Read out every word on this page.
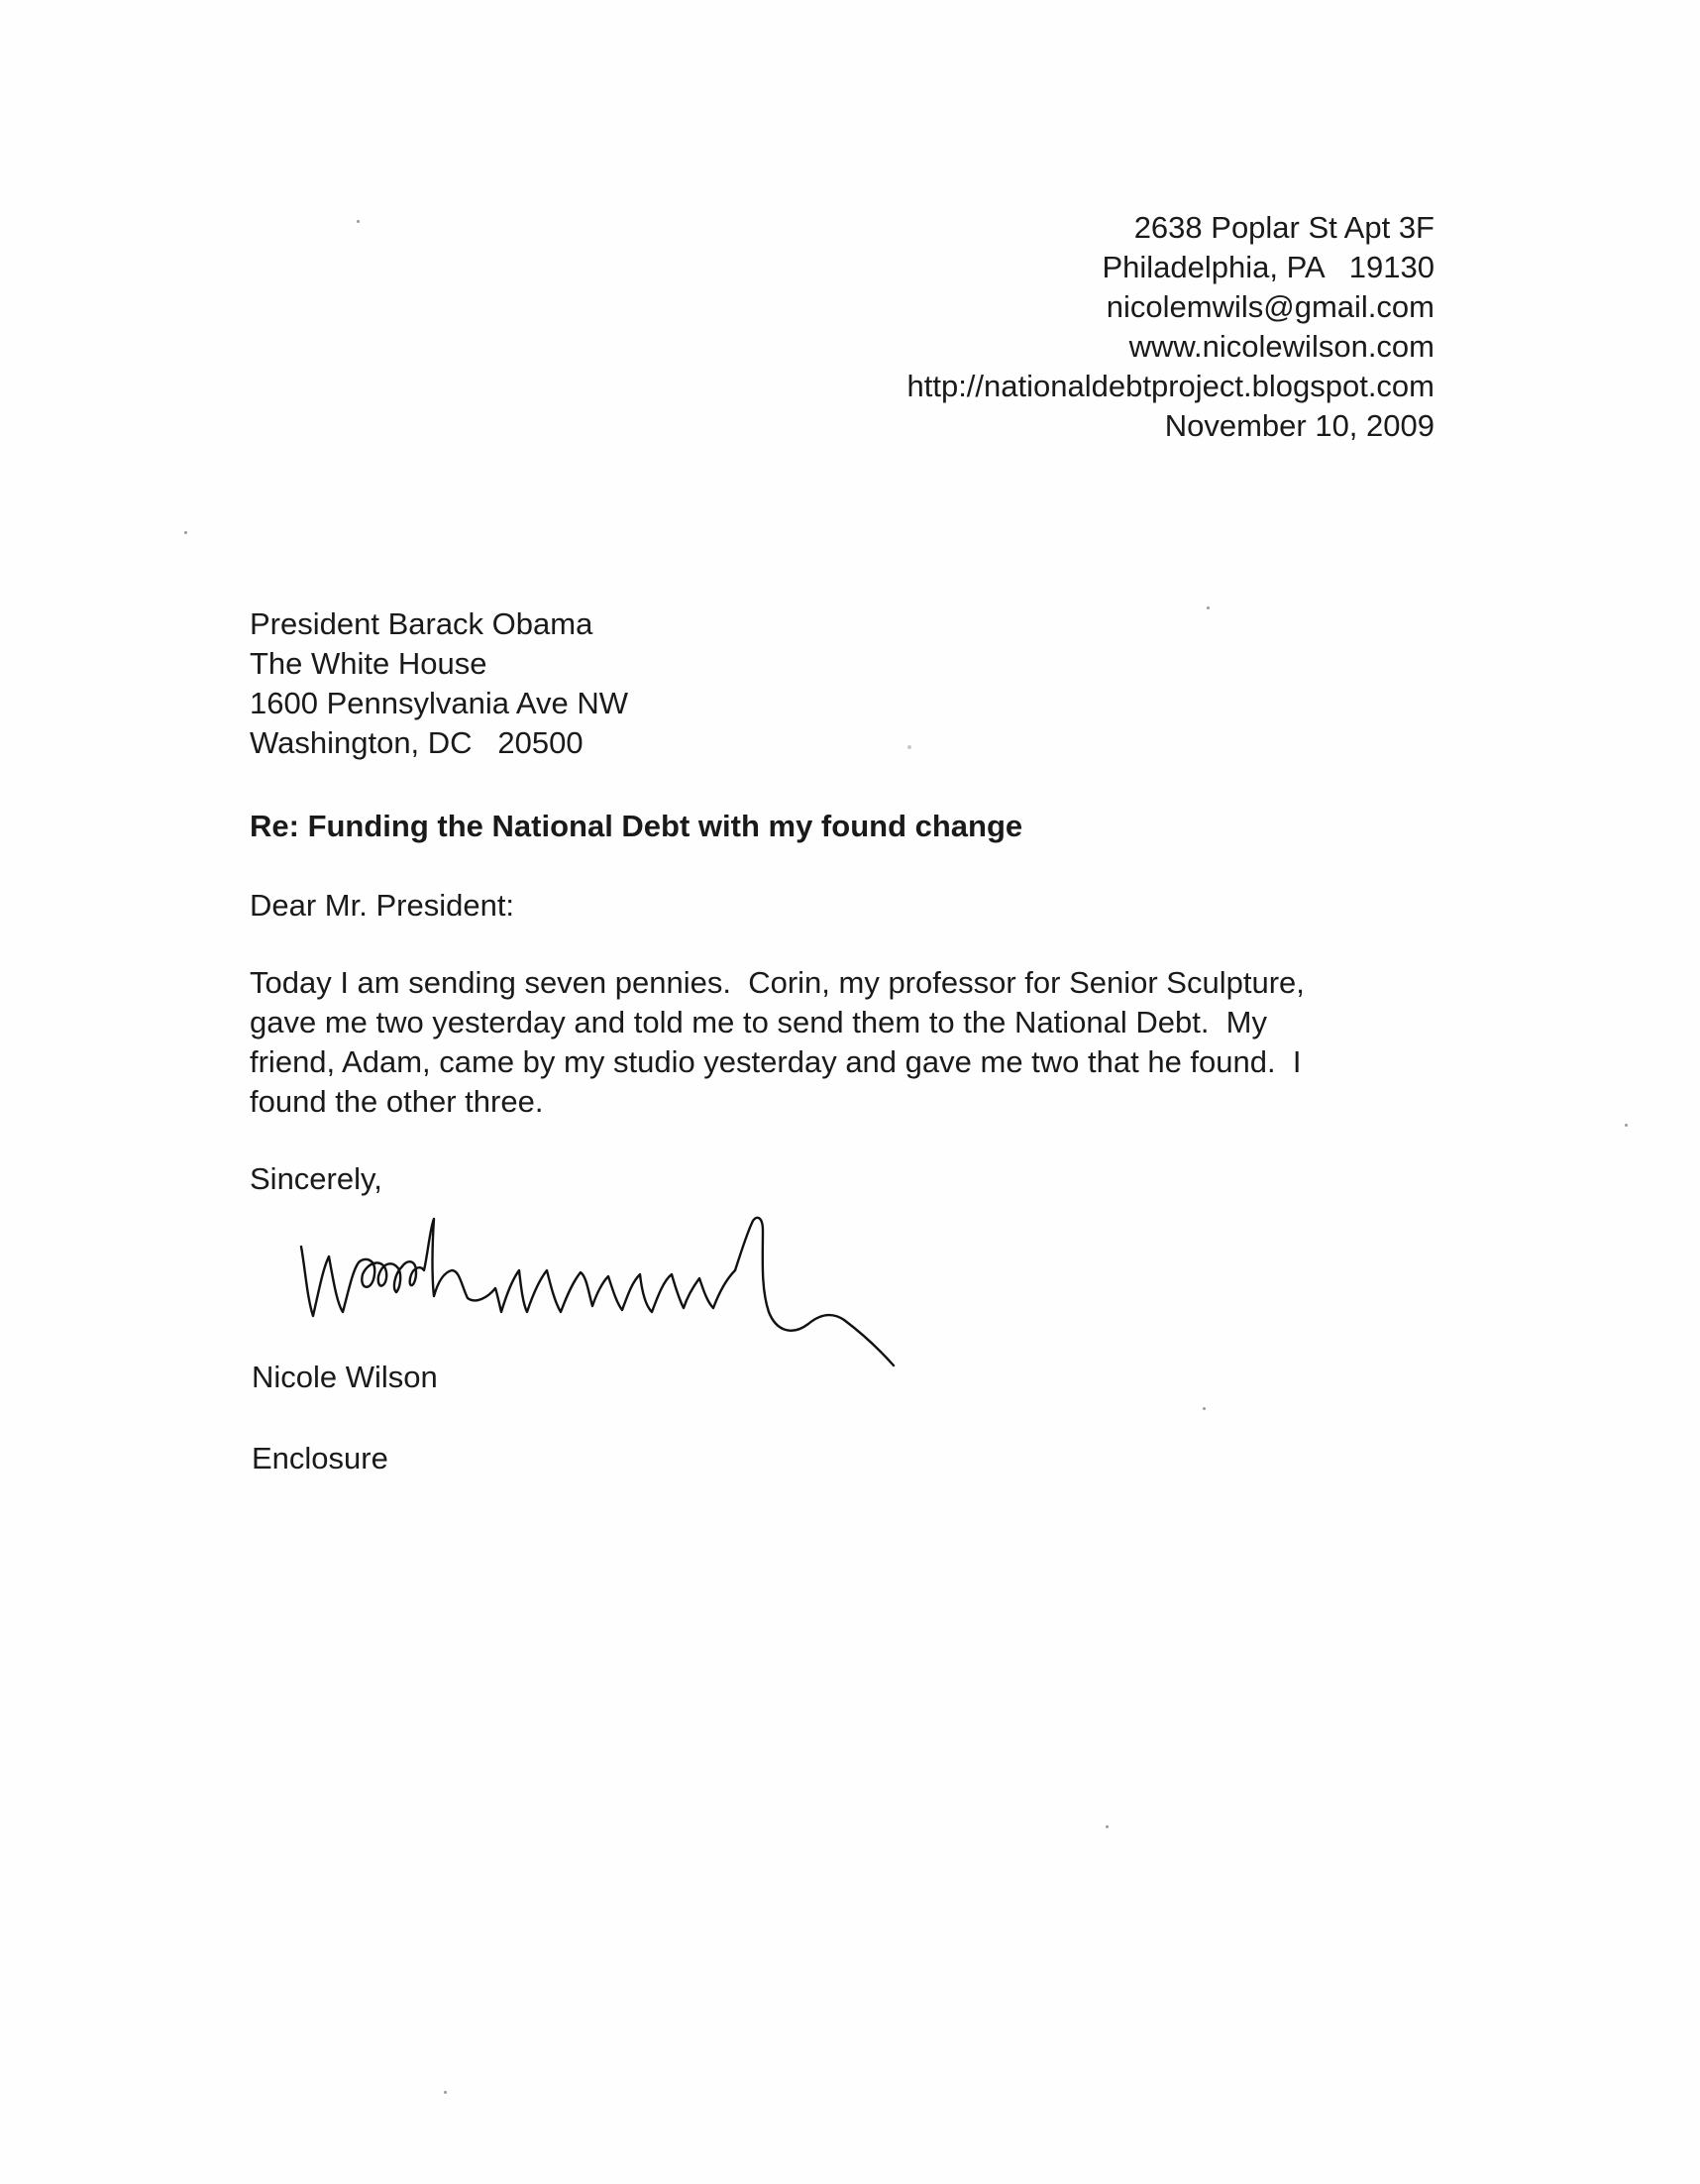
2638 Poplar St Apt 3F
Philadelphia, PA   19130
nicolemwils@gmail.com
www.nicolewilson.com
http://nationaldebtproject.blogspot.com
November 10, 2009
President Barack Obama
The White House
1600 Pennsylvania Ave NW
Washington, DC   20500
Re: Funding the National Debt with my found change
Dear Mr. President:
Today I am sending seven pennies.  Corin, my professor for Senior Sculpture,
gave me two yesterday and told me to send them to the National Debt.  My
friend, Adam, came by my studio yesterday and gave me two that he found.  I
found the other three.
Sincerely,
Nicole Wilson
Enclosure
